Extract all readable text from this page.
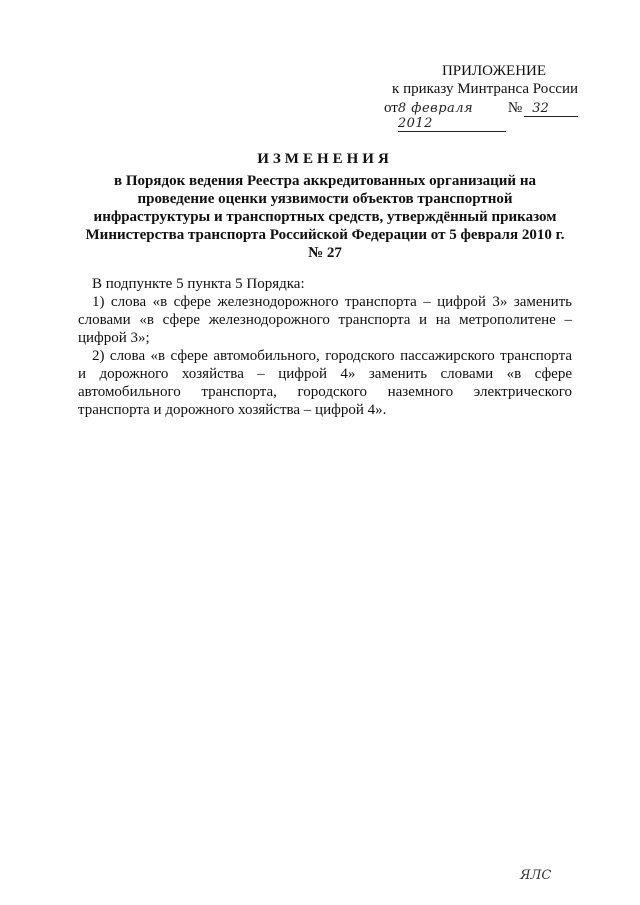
ПРИЛОЖЕНИЕ
к приказу Минтранса России
от 8 февраля 2012
№ 32
ИЗМЕНЕНИЯ
в Порядок ведения Реестра аккредитованных организаций на проведение оценки уязвимости объектов транспортной инфраструктуры и транспортных средств, утверждённый приказом Министерства транспорта Российской Федерации от 5 февраля 2010 г. № 27

В подпункте 5 пункта 5 Порядка:

1) слова «в сфере железнодорожного транспорта – цифрой 3» заменить словами «в сфере железнодорожного транспорта и на метрополитене – цифрой 3»;

2) слова «в сфере автомобильного, городского пассажирского транспорта и дорожного хозяйства – цифрой 4» заменить словами «в сфере автомобильного транспорта, городского наземного электрического транспорта и дорожного хозяйства – цифрой 4».

ЯЛС
